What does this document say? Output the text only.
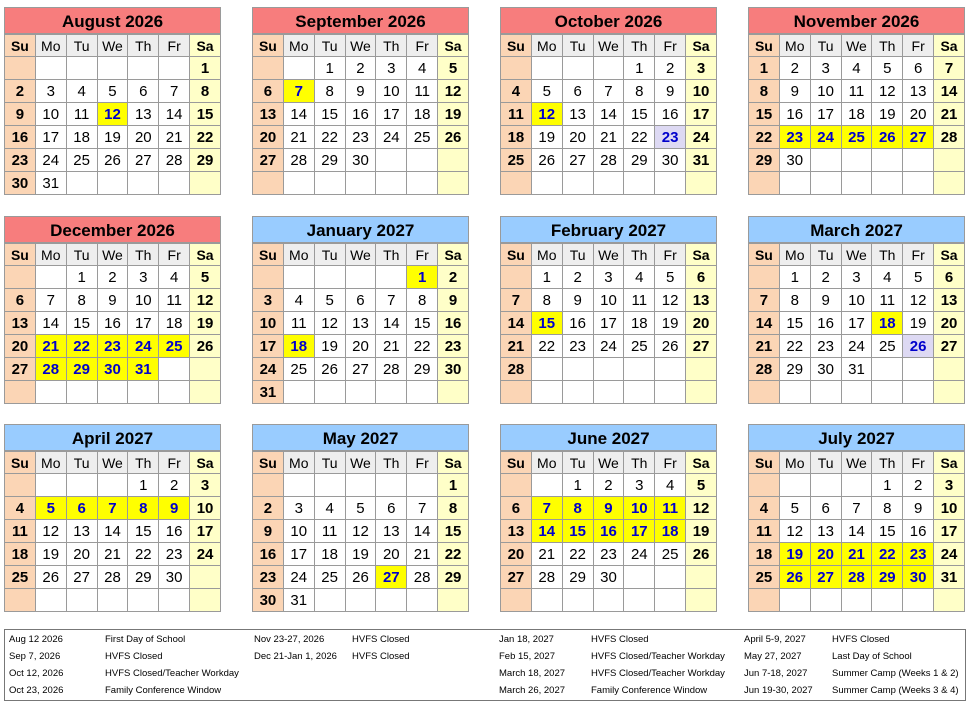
August 2026
Su	Mo	Tu	We	Th	Fr	Sa
						1
2	3	4	5	6	7	8
9	10	11	12	13	14	15
16	17	18	19	20	21	22
23	24	25	26	27	28	29
30	31					
September 2026
Su	Mo	Tu	We	Th	Fr	Sa
		1	2	3	4	5
6	7	8	9	10	11	12
13	14	15	16	17	18	19
20	21	22	23	24	25	26
27	28	29	30			

October 2026
Su	Mo	Tu	We	Th	Fr	Sa
				1	2	3
4	5	6	7	8	9	10
11	12	13	14	15	16	17
18	19	20	21	22	23	24
25	26	27	28	29	30	31

November 2026
Su	Mo	Tu	We	Th	Fr	Sa
1	2	3	4	5	6	7
8	9	10	11	12	13	14
15	16	17	18	19	20	21
22	23	24	25	26	27	28
29	30					

December 2026
Su	Mo	Tu	We	Th	Fr	Sa
		1	2	3	4	5
6	7	8	9	10	11	12
13	14	15	16	17	18	19
20	21	22	23	24	25	26
27	28	29	30	31		

January 2027
Su	Mo	Tu	We	Th	Fr	Sa
					1	2
3	4	5	6	7	8	9
10	11	12	13	14	15	16
17	18	19	20	21	22	23
24	25	26	27	28	29	30
31						
February 2027
Su	Mo	Tu	We	Th	Fr	Sa
	1	2	3	4	5	6
7	8	9	10	11	12	13
14	15	16	17	18	19	20
21	22	23	24	25	26	27
28						

March 2027
Su	Mo	Tu	We	Th	Fr	Sa
	1	2	3	4	5	6
7	8	9	10	11	12	13
14	15	16	17	18	19	20
21	22	23	24	25	26	27
28	29	30	31			

April 2027
Su	Mo	Tu	We	Th	Fr	Sa
				1	2	3
4	5	6	7	8	9	10
11	12	13	14	15	16	17
18	19	20	21	22	23	24
25	26	27	28	29	30	

May 2027
Su	Mo	Tu	We	Th	Fr	Sa
						1
2	3	4	5	6	7	8
9	10	11	12	13	14	15
16	17	18	19	20	21	22
23	24	25	26	27	28	29
30	31					
June 2027
Su	Mo	Tu	We	Th	Fr	Sa
		1	2	3	4	5
6	7	8	9	10	11	12
13	14	15	16	17	18	19
20	21	22	23	24	25	26
27	28	29	30			

July 2027
Su	Mo	Tu	We	Th	Fr	Sa
				1	2	3
4	5	6	7	8	9	10
11	12	13	14	15	16	17
18	19	20	21	22	23	24
25	26	27	28	29	30	31

Aug 12 2026	First Day of School
Sep 7, 2026	HVFS Closed
Oct 12, 2026	HVFS Closed/Teacher Workday
Oct 23, 2026	Family Conference Window
Nov 23-27, 2026	HVFS Closed
Dec 21-Jan 1, 2026 HVFS Closed
Jan 18, 2027	HVFS Closed
Feb 15, 2027	HVFS Closed/Teacher Workday
March 18, 2027	HVFS Closed/Teacher Workday
March 26, 2027	Family Conference Window
April 5-9, 2027	HVFS Closed
May 27, 2027	Last Day of School
Jun 7-18, 2027	Summer Camp (Weeks 1 & 2)
Jun 19-30, 2027 Summer Camp (Weeks 3 & 4)
